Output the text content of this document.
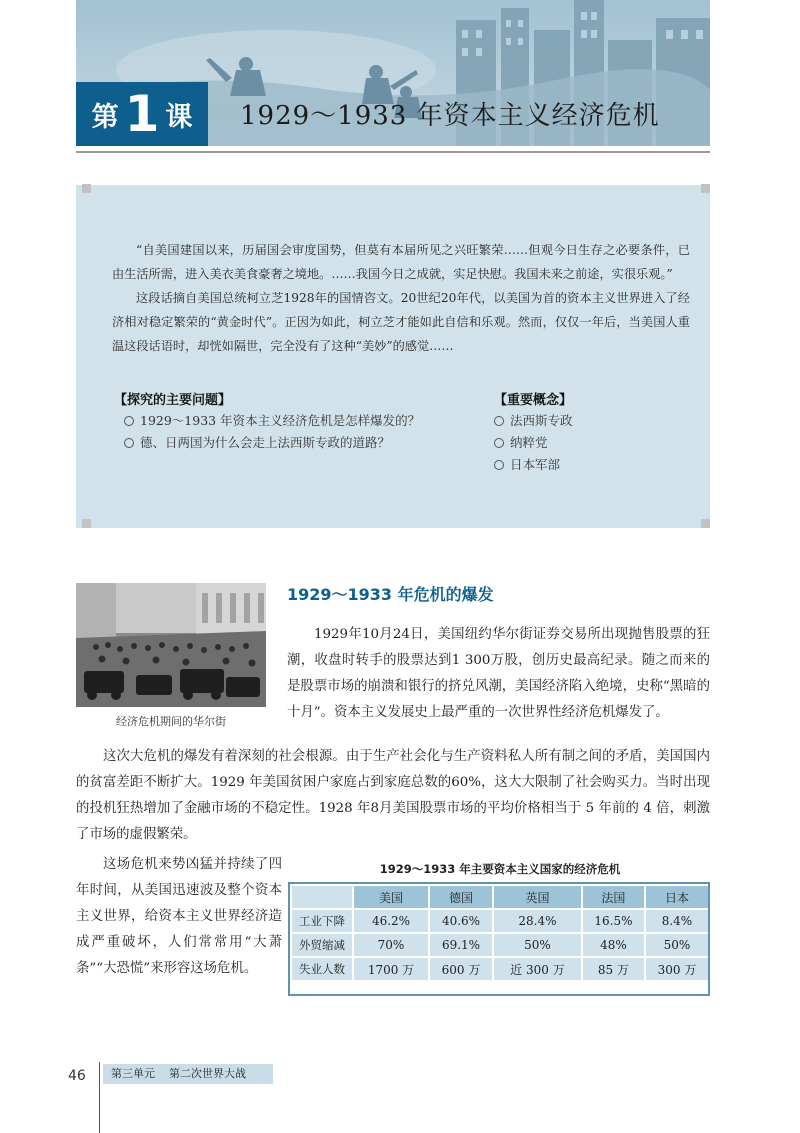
第 1 课 1929～1933 年资本主义经济危机

“自美国建国以来，历届国会审度国势，但莫有本届所见之兴旺繁荣……但观今日生存之必要条件，已由生活所需，进入美衣美食豪奢之境地。……我国今日之成就，实足快慰。我国未来之前途，实很乐观。”

这段话摘自美国总统柯立芝1928年的国情咨文。20世纪20年代，以美国为首的资本主义世界进入了经济相对稳定繁荣的“黄金时代”。正因为如此，柯立芝才能如此自信和乐观。然而，仅仅一年后，当美国人重温这段话语时，却恍如隔世，完全没有了这种“美妙”的感觉……

【探究的主要问题】
1929～1933 年资本主义经济危机是怎样爆发的？
德、日两国为什么会走上法西斯专政的道路？
【重要概念】
法西斯专政
纳粹党
日本军部
经济危机期间的华尔街
1929～1933 年危机的爆发
1929年10月24日，美国纽约华尔街证券交易所出现抛售股票的狂潮，收盘时转手的股票达到1 300万股，创历史最高纪录。随之而来的是股票市场的崩溃和银行的挤兑风潮，美国经济陷入绝境，史称“黑暗的十月”。资本主义发展史上最严重的一次世界性经济危机爆发了。
这次大危机的爆发有着深刻的社会根源。由于生产社会化与生产资料私人所有制之间的矛盾，美国国内的贫富差距不断扩大。1929 年美国贫困户家庭占到家庭总数的60%，这大大限制了社会购买力。当时出现的投机狂热增加了金融市场的不稳定性。1928 年8月美国股票市场的平均价格相当于 5 年前的 4 倍，刺激了市场的虚假繁荣。
这场危机来势凶猛并持续了四年时间，从美国迅速波及整个资本主义世界，给资本主义世界经济造成严重破坏，人们常常用“大萧条”“大恐慌”来形容这场危机。
1929～1933 年主要资本主义国家的经济危机
	美国	德国	英国	法国	日本
工业下降	46.2%	40.6%	28.4%	16.5%	8.4%
外贸缩减	70%	69.1%	50%	48%	50%
失业人数	1700 万	600 万	近 300 万	85 万	300 万
46	第三单元 第二次世界大战
